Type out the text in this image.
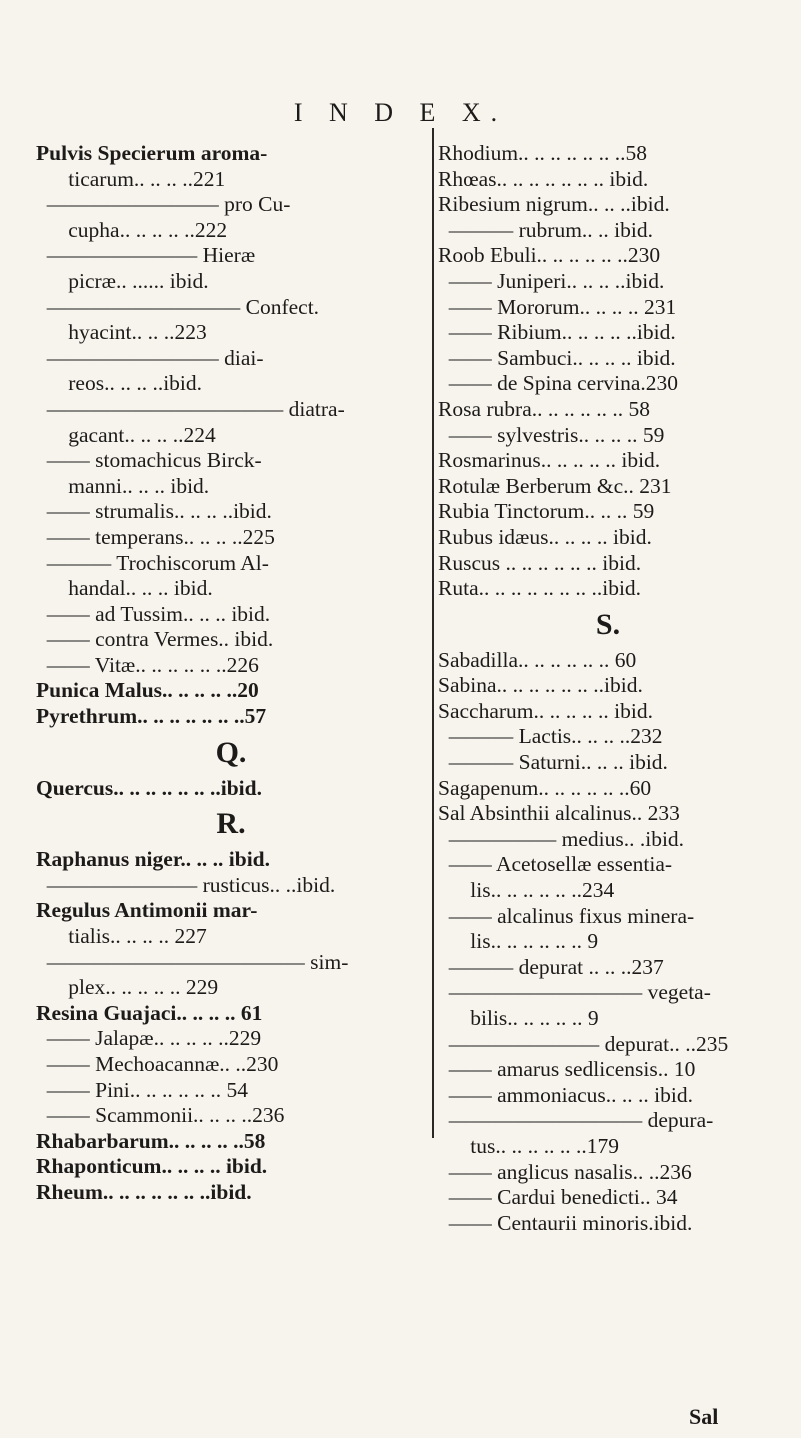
I N D E X.
Pulvis Specierum aroma-
ticarum.. .. .. ..221
———————— pro Cu-
cupha.. .. .. .. ..222
——————— Hieræ
picræ.. ...... ibid.
————————— Confect.
hyacint.. .. ..223
———————— diai-
reos.. .. .. ..ibid.
——————————— diatra-
gacant.. .. .. ..224
—— stomachicus Birck-
manni.. .. .. ibid.
—— strumalis.. .. .. ..ibid.
—— temperans.. .. .. ..225
——— Trochiscorum Al-
handal.. .. .. ibid.
—— ad Tussim.. .. .. ibid.
—— contra Vermes.. ibid.
—— Vitæ.. .. .. .. .. ..226
Punica Malus.. .. .. .. ..20
Pyrethrum.. .. .. .. .. .. ..57
Q.
Quercus.. .. .. .. .. .. ..ibid.
R.
Raphanus niger.. .. .. ibid.
——————— rusticus.. ..ibid.
Regulus Antimonii mar-
tialis.. .. .. .. 227
———————————— sim-
plex.. .. .. .. .. 229
Resina Guajaci.. .. .. .. 61
—— Jalapæ.. .. .. .. ..229
—— Mechoacannæ.. ..230
—— Pini.. .. .. .. .. .. 54
—— Scammonii.. .. .. ..236
Rhabarbarum.. .. .. .. ..58
Rhaponticum.. .. .. .. ibid.
Rheum.. .. .. .. .. .. ..ibid.
Rhodium.. .. .. .. .. .. ..58
Rhœas.. .. .. .. .. .. .. ibid.
Ribesium nigrum.. .. ..ibid.
——— rubrum.. .. ibid.
Roob Ebuli.. .. .. .. .. ..230
—— Juniperi.. .. .. ..ibid.
—— Mororum.. .. .. .. 231
—— Ribium.. .. .. .. ..ibid.
—— Sambuci.. .. .. .. ibid.
—— de Spina cervina.230
Rosa rubra.. .. .. .. .. .. 58
—— sylvestris.. .. .. .. 59
Rosmarinus.. .. .. .. .. ibid.
Rotulæ Berberum &c.. 231
Rubia Tinctorum.. .. .. 59
Rubus idæus.. .. .. .. ibid.
Ruscus .. .. .. .. .. .. ibid.
Ruta.. .. .. .. .. .. .. ..ibid.
S.
Sabadilla.. .. .. .. .. .. 60
Sabina.. .. .. .. .. .. ..ibid.
Saccharum.. .. .. .. .. ibid.
——— Lactis.. .. .. ..232
——— Saturni.. .. .. ibid.
Sagapenum.. .. .. .. .. ..60
Sal Absinthii alcalinus.. 233
————— medius.. .ibid.
—— Acetosellæ essentia-
lis.. .. .. .. .. ..234
—— alcalinus fixus minera-
lis.. .. .. .. .. .. 9
——— depurat .. .. ..237
————————— vegeta-
bilis.. .. .. .. .. 9
——————— depurat.. ..235
—— amarus sedlicensis.. 10
—— ammoniacus.. .. .. ibid.
————————— depura-
tus.. .. .. .. .. ..179
—— anglicus nasalis.. ..236
—— Cardui benedicti.. 34
—— Centaurii minoris.ibid.
Sal
